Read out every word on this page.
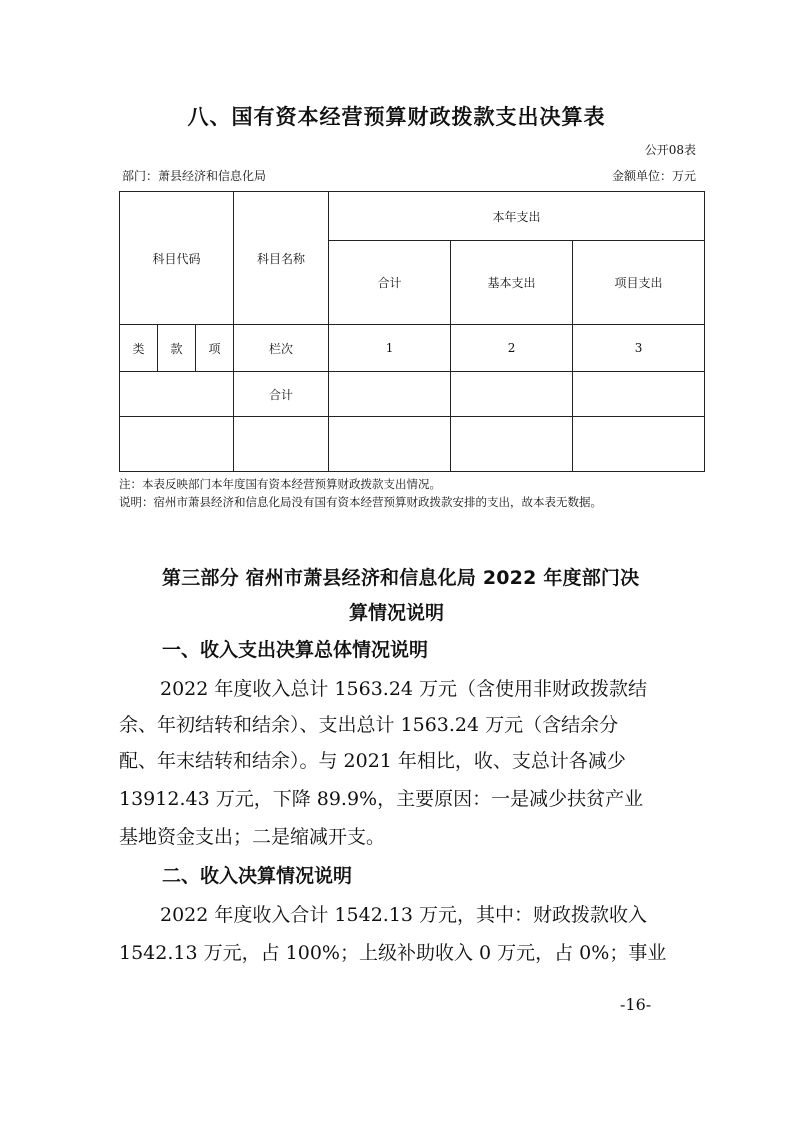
八、国有资本经营预算财政拨款支出决算表
公开08表
部门：萧县经济和信息化局	金额单位：万元
科目代码			科目名称	本年支出		
				合计	基本支出	项目支出
类	款	项	栏次	1	2	3
			合计			

注：本表反映部门本年度国有资本经营预算财政拨款支出情况。
说明：宿州市萧县经济和信息化局没有国有资本经营预算财政拨款安排的支出，故本表无数据。
第三部分 宿州市萧县经济和信息化局 2022 年度部门决
算情况说明
一、收入支出决算总体情况说明
2022 年度收入总计 1563.24 万元（含使用非财政拨款结
余、年初结转和结余）、支出总计 1563.24 万元（含结余分
配、年末结转和结余）。与 2021 年相比，收、支总计各减少
13912.43 万元，下降 89.9%，主要原因：一是减少扶贫产业
基地资金支出；二是缩减开支。
二、收入决算情况说明
2022 年度收入合计 1542.13 万元，其中：财政拨款收入
1542.13 万元，占 100%；上级补助收入 0 万元，占 0%；事业
-16-
